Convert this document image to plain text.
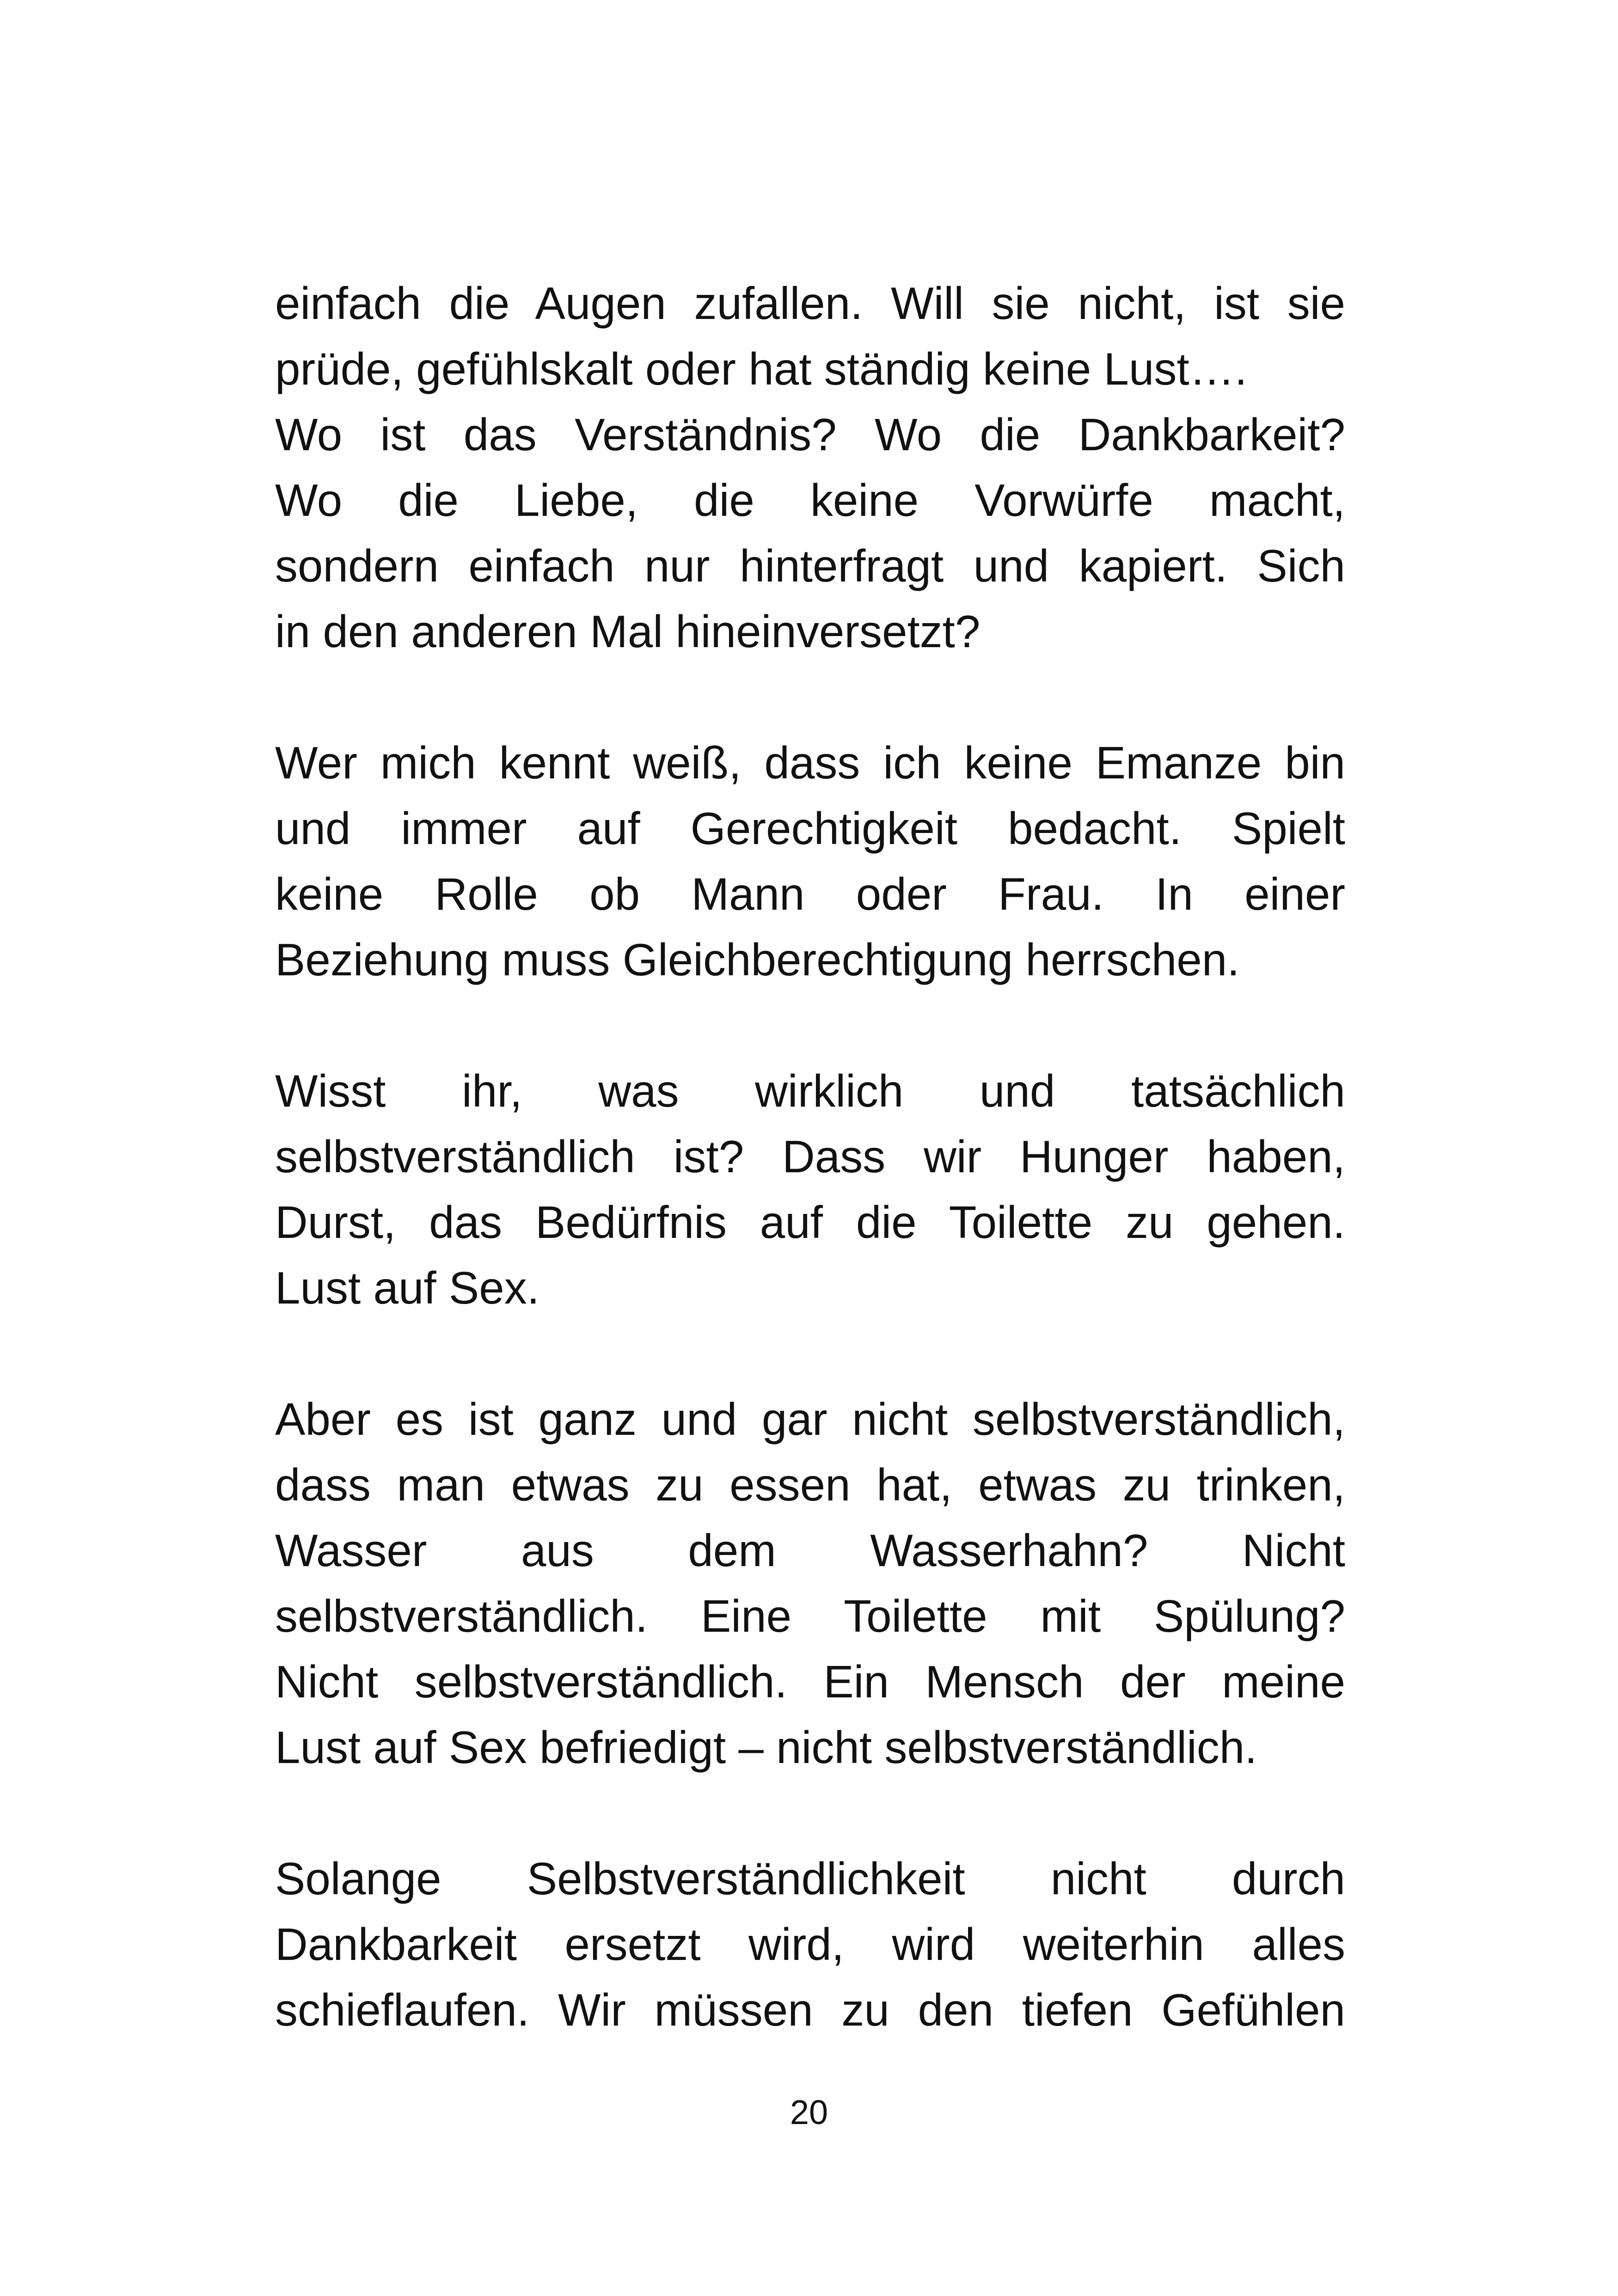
einfach die Augen zufallen. Will sie nicht, ist sie
prüde, gefühlskalt oder hat ständig keine Lust….
Wo ist das Verständnis? Wo die Dankbarkeit?
Wo die Liebe, die keine Vorwürfe macht,
sondern einfach nur hinterfragt und kapiert. Sich
in den anderen Mal hineinversetzt?

Wer mich kennt weiß, dass ich keine Emanze bin
und immer auf Gerechtigkeit bedacht. Spielt
keine Rolle ob Mann oder Frau. In einer
Beziehung muss Gleichberechtigung herrschen.

Wisst ihr, was wirklich und tatsächlich
selbstverständlich ist? Dass wir Hunger haben,
Durst, das Bedürfnis auf die Toilette zu gehen.
Lust auf Sex.

Aber es ist ganz und gar nicht selbstverständlich,
dass man etwas zu essen hat, etwas zu trinken,
Wasser aus dem Wasserhahn? Nicht
selbstverständlich. Eine Toilette mit Spülung?
Nicht selbstverständlich. Ein Mensch der meine
Lust auf Sex befriedigt – nicht selbstverständlich.

Solange Selbstverständlichkeit nicht durch
Dankbarkeit ersetzt wird, wird weiterhin alles
schieflaufen. Wir müssen zu den tiefen Gefühlen

20
